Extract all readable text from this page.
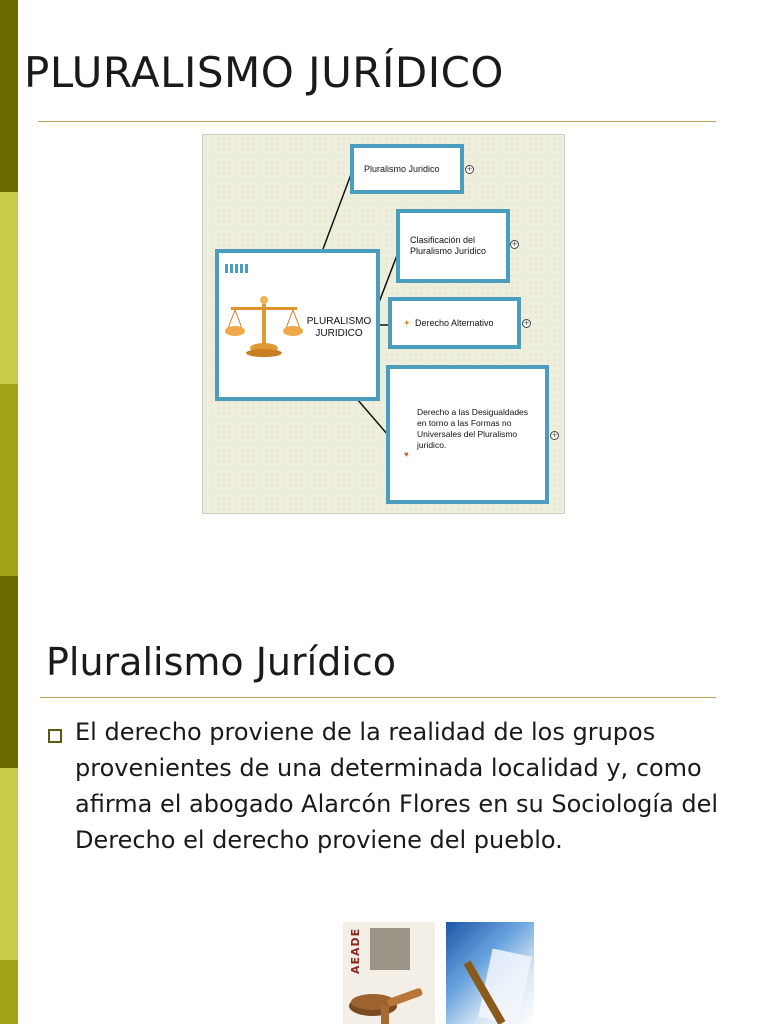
PLURALISMO JURÍDICO
PLURALISMO
JURIDICO
Pluralismo Juridico	+
Clasificación del Pluralismo Jurídico
+
✦ Derecho Alternativo	+
♥
Derecho a las Desigualdades en torno a las Formas no Universales del Pluralismo juridico.
+
Pluralismo Jurídico
El derecho proviene de la realidad de los grupos provenientes de una determinada localidad y, como afirma el abogado Alarcón Flores en su Sociología del Derecho el derecho proviene del pueblo.
AEADE
